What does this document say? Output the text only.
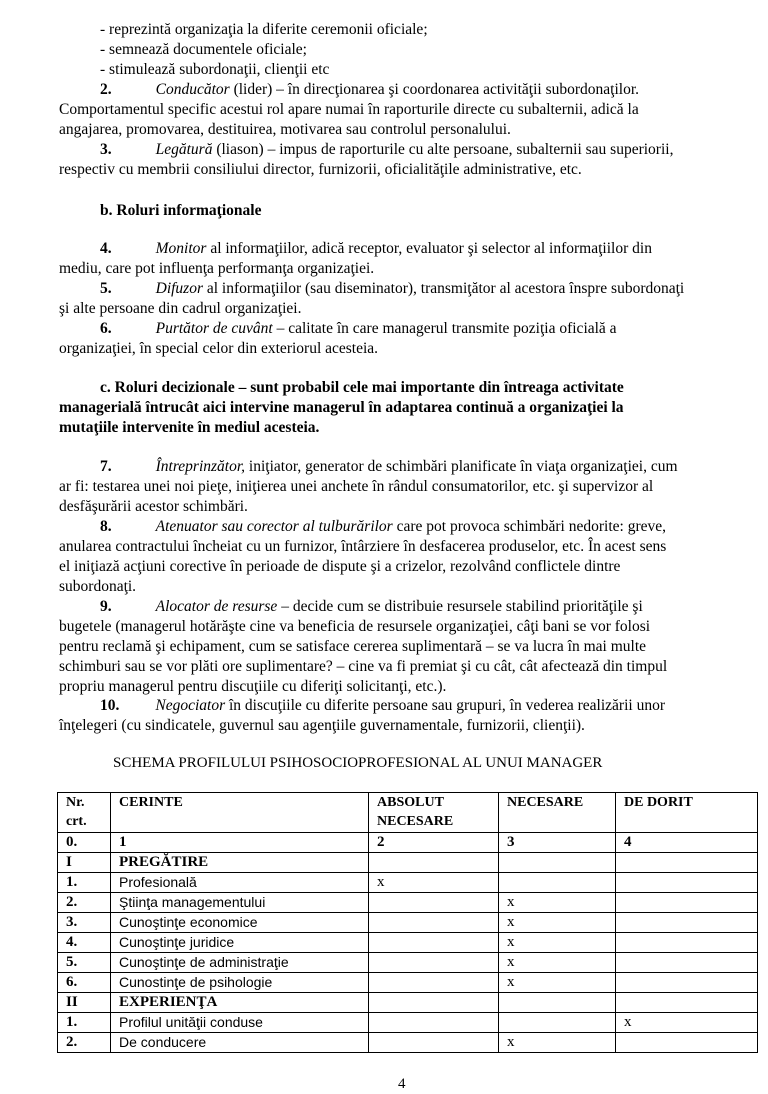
- reprezintă organizaţia la diferite ceremonii oficiale;
- semnează documentele oficiale;
- stimulează subordonaţii, clienţii etc
2.	Conducător (lider) – în direcţionarea şi coordonarea activităţii subordonaţilor.
Comportamentul specific acestui rol apare numai în raporturile directe cu subalternii, adică la
angajarea, promovarea, destituirea, motivarea sau controlul personalului.
3.	Legătură (liason) – impus de raporturile cu alte persoane, subalternii sau superiorii,
respectiv cu membrii consiliului director, furnizorii, oficialităţile administrative, etc.
b. Roluri informaţionale
4.	Monitor al informaţiilor, adică receptor, evaluator şi selector al informaţiilor din
mediu, care pot influenţa performanţa organizaţiei.
5.	Difuzor al informaţiilor (sau diseminator), transmiţător al acestora înspre subordonaţi
şi alte persoane din cadrul organizaţiei.
6.	Purtător de cuvânt – calitate în care managerul transmite poziţia oficială a
organizaţiei, în special celor din exteriorul acesteia.
c. Roluri decizionale – sunt probabil cele mai importante din întreaga activitate
managerială întrucât aici intervine managerul în adaptarea continuă a organizaţiei la
mutaţiile intervenite în mediul acesteia.
7.	Întreprinzător, iniţiator, generator de schimbări planificate în viaţa organizaţiei, cum
ar fi: testarea unei noi pieţe, iniţierea unei anchete în rândul consumatorilor, etc. şi supervizor al
desfăşurării acestor schimbări.
8.	Atenuator sau corector al tulburărilor care pot provoca schimbări nedorite: greve,
anularea contractului încheiat cu un furnizor, întârziere în desfacerea produselor, etc. În acest sens
el iniţiază acţiuni corective în perioade de dispute şi a crizelor, rezolvând conflictele dintre
subordonaţi.
9.	Alocator de resurse – decide cum se distribuie resursele stabilind priorităţile şi
bugetele (managerul hotărăşte cine va beneficia de resursele organizaţiei, câţi bani se vor folosi
pentru reclamă şi echipament, cum se satisface cererea suplimentară – se va lucra în mai multe
schimburi sau se vor plăti ore suplimentare? – cine va fi premiat şi cu cât, cât afectează din timpul
propriu managerul pentru discuţiile cu diferiţi solicitanţi, etc.).
10. Negociator în discuţiile cu diferite persoane sau grupuri, în vederea realizării unor
înţelegeri (cu sindicatele, guvernul sau agenţiile guvernamentale, furnizorii, clienţii).
SCHEMA PROFILULUI PSIHOSOCIOPROFESIONAL AL UNUI MANAGER
Nr. crt.	CERINTE	ABSOLUT NECESARE	NECESARE	DE DORIT
0.	1	2	3	4
I	PREGĂTIRE			
1.	Profesională	x		
2.	Ştiinţa managementului		x	
3.	Cunoştinţe economice		x	
4.	Cunoştinţe juridice		x	
5.	Cunoştinţe de administraţie		x	
6.	Cunostinţe de psihologie		x	
II	EXPERIENŢA			
1.	Profilul unităţii conduse			x
2.	De conducere		x	
4
